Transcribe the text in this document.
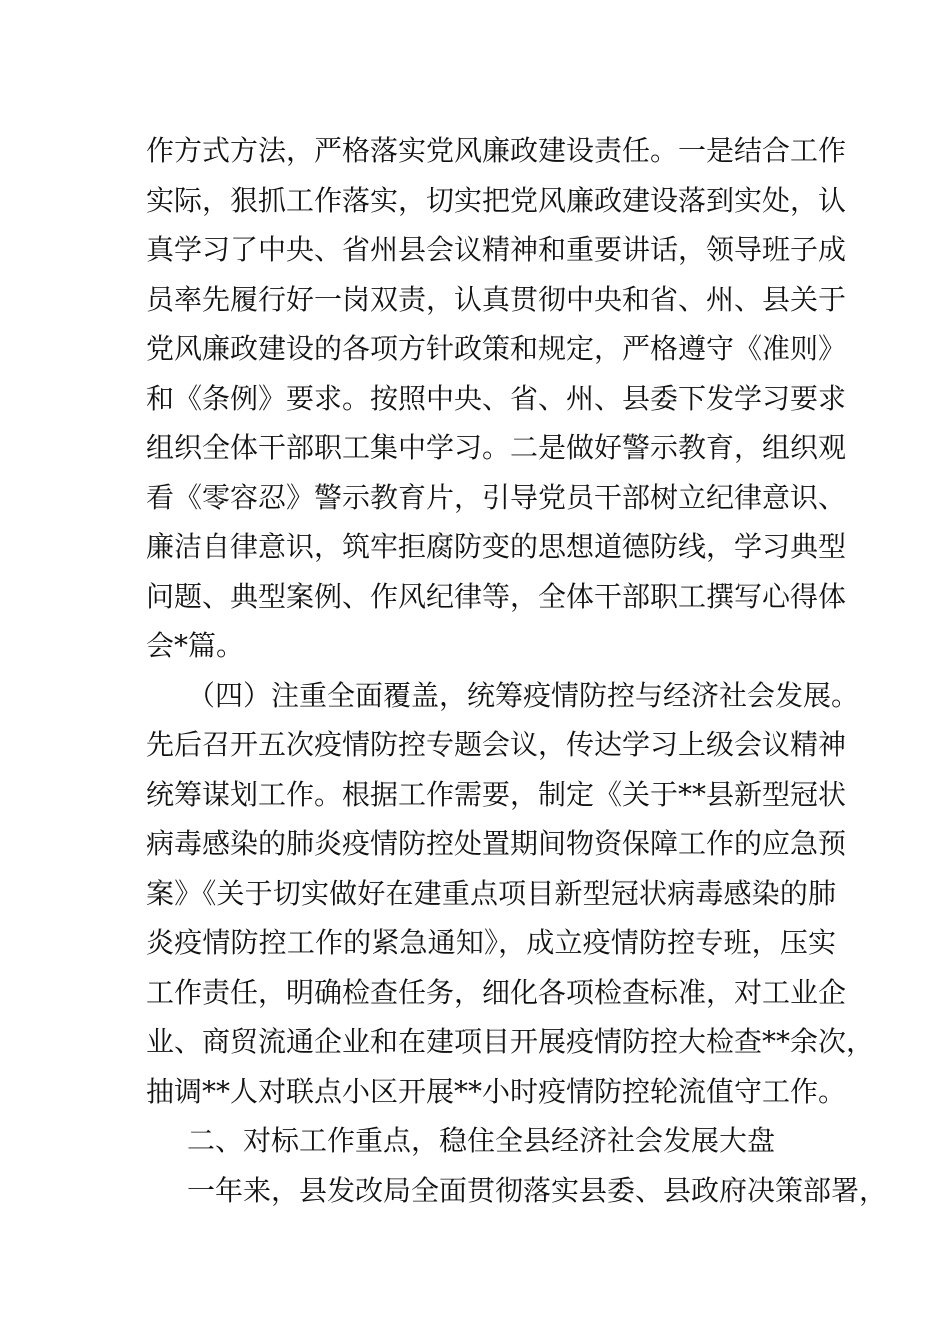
作方式方法，严格落实党风廉政建设责任。一是结合工作
实际，狠抓工作落实，切实把党风廉政建设落到实处，认
真学习了中央、省州县会议精神和重要讲话，领导班子成
员率先履行好一岗双责，认真贯彻中央和省、州、县关于
党风廉政建设的各项方针政策和规定，严格遵守《准则》
和《条例》要求。按照中央、省、州、县委下发学习要求
组织全体干部职工集中学习。二是做好警示教育，组织观
看《零容忍》警示教育片，引导党员干部树立纪律意识、
廉洁自律意识，筑牢拒腐防变的思想道德防线，学习典型
问题、典型案例、作风纪律等，全体干部职工撰写心得体
会*篇。
（四）注重全面覆盖，统筹疫情防控与经济社会发展。
先后召开五次疫情防控专题会议，传达学习上级会议精神
统筹谋划工作。根据工作需要，制定《关于**县新型冠状
病毒感染的肺炎疫情防控处置期间物资保障工作的应急预
案》《关于切实做好在建重点项目新型冠状病毒感染的肺
炎疫情防控工作的紧急通知》，成立疫情防控专班，压实
工作责任，明确检查任务，细化各项检查标准，对工业企
业、商贸流通企业和在建项目开展疫情防控大检查**余次，
抽调**人对联点小区开展**小时疫情防控轮流值守工作。
二、对标工作重点，稳住全县经济社会发展大盘
一年来，县发改局全面贯彻落实县委、县政府决策部署，
